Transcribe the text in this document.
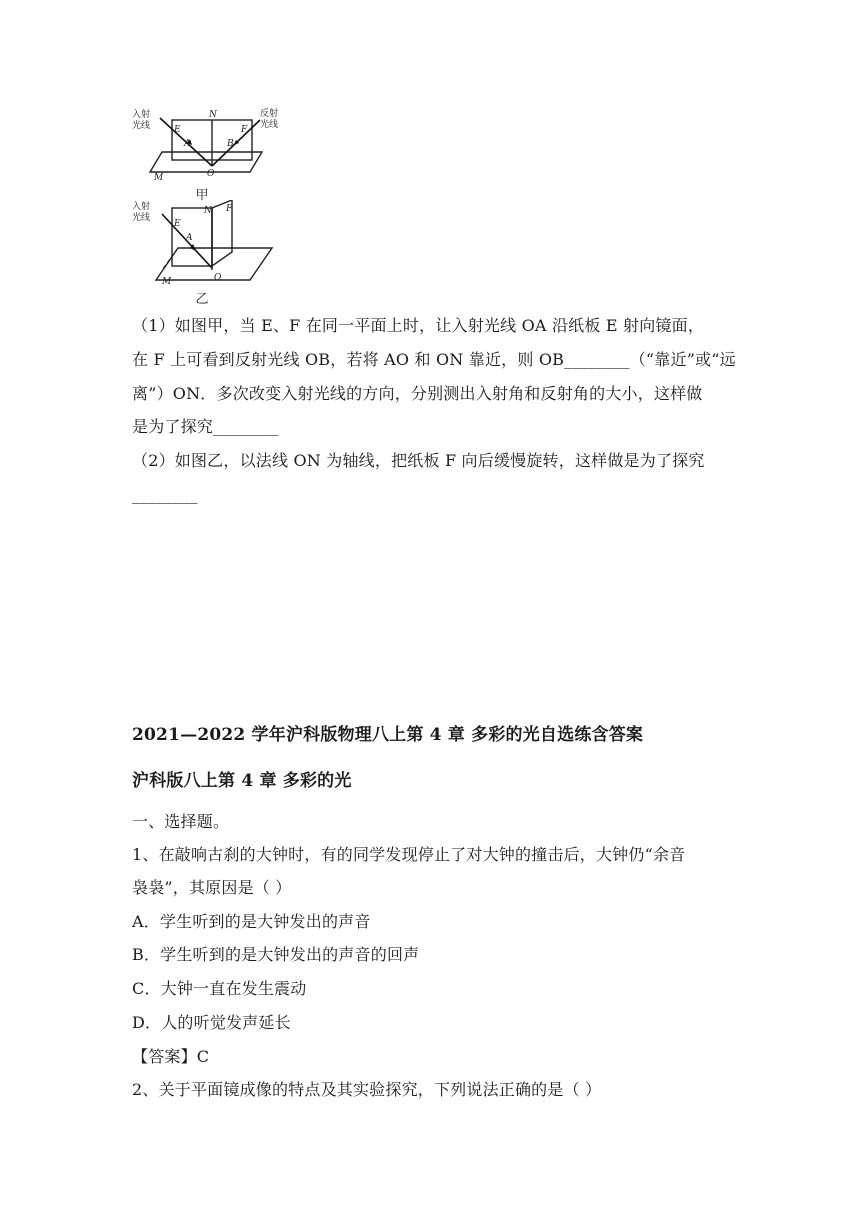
入射
光线
反射
光线
E
N
F
A	B
O
M
甲
入射
光线
E
N F
A
O
M
乙
（1）如图甲，当 E、F 在同一平面上时，让入射光线 OA 沿纸板 E 射向镜面，
在 F 上可看到反射光线 OB，若将 AO 和 ON 靠近，则 OB________（“靠近”或“远
离”）ON．多次改变入射光线的方向，分别测出入射角和反射角的大小，这样做
是为了探究________
（2）如图乙，以法线 ON 为轴线，把纸板 F 向后缓慢旋转，这样做是为了探究
________
2021—2022 学年沪科版物理八上第 4 章 多彩的光自选练含答案
沪科版八上第 4 章 多彩的光
一、选择题。
1、在敲响古刹的大钟时，有的同学发现停止了对大钟的撞击后，大钟仍“余音
袅袅”，其原因是（ ）
A．学生听到的是大钟发出的声音
B．学生听到的是大钟发出的声音的回声
C．大钟一直在发生震动
D．人的听觉发声延长
【答案】C
2、关于平面镜成像的特点及其实验探究，下列说法正确的是（ ）
